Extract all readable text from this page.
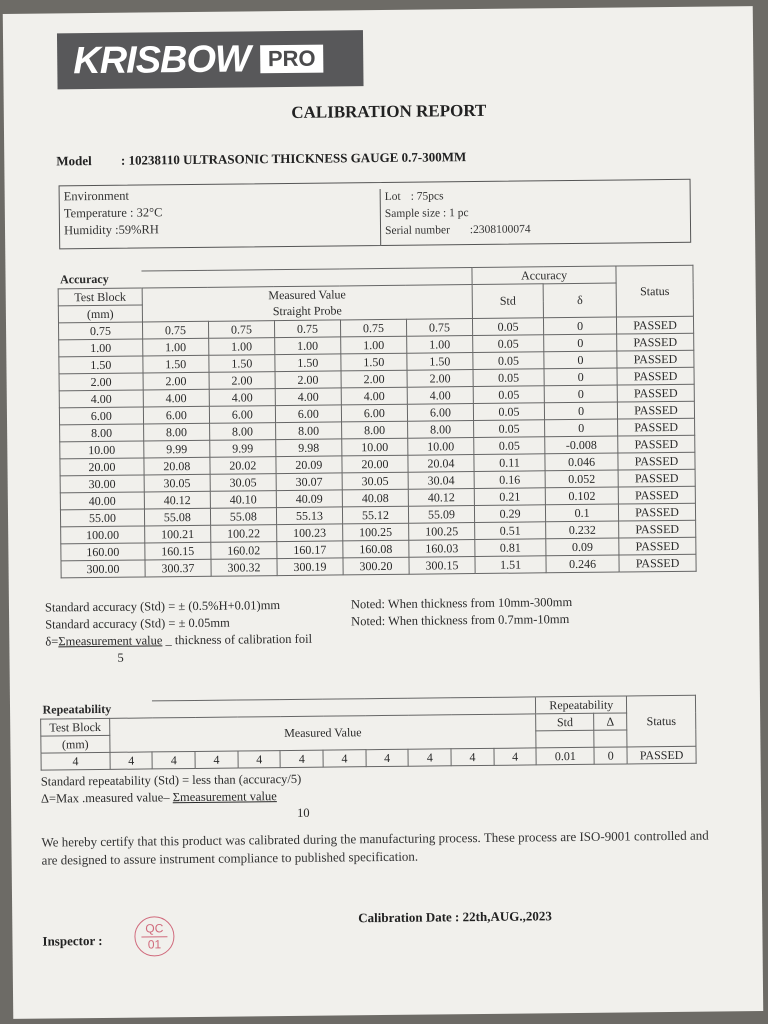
KRISBOW PRO
CALIBRATION REPORT
Model : 10238110 ULTRASONIC THICKNESS GAUGE 0.7-300MM
Environment
Temperature : 32°C
Humidity :59%RH
Lot : 75pcs
Sample size : 1 pc
Serial number :2308100074
Accuracy						Accuracy		Status
Test Block	Measured Value					Std	δ	
(mm)	Straight Probe							
0.75	0.75	0.75	0.75	0.75	0.75	0.05	0	PASSED
1.00	1.00	1.00	1.00	1.00	1.00	0.05	0	PASSED
1.50	1.50	1.50	1.50	1.50	1.50	0.05	0	PASSED
2.00	2.00	2.00	2.00	2.00	2.00	0.05	0	PASSED
4.00	4.00	4.00	4.00	4.00	4.00	0.05	0	PASSED
6.00	6.00	6.00	6.00	6.00	6.00	0.05	0	PASSED
8.00	8.00	8.00	8.00	8.00	8.00	0.05	0	PASSED
10.00	9.99	9.99	9.98	10.00	10.00	0.05	-0.008	PASSED
20.00	20.08	20.02	20.09	20.00	20.04	0.11	0.046	PASSED
30.00	30.05	30.05	30.07	30.05	30.04	0.16	0.052	PASSED
40.00	40.12	40.10	40.09	40.08	40.12	0.21	0.102	PASSED
55.00	55.08	55.08	55.13	55.12	55.09	0.29	0.1	PASSED
100.00	100.21	100.22	100.23	100.25	100.25	0.51	0.232	PASSED
160.00	160.15	160.02	160.17	160.08	160.03	0.81	0.09	PASSED
300.00	300.37	300.32	300.19	300.20	300.15	1.51	0.246	PASSED
Standard accuracy (Std) = ± (0.5%H+0.01)mm	Noted: When thickness from 10mm-300mm
Standard accuracy (Std) = ± 0.05mm	Noted: When thickness from 0.7mm-10mm
δ=Σmeasurement value _ thickness of calibration foil
5
Repeatability											Repeatability		Status
Test Block	Measured Value										Std	Δ	
(mm)													
4	4	4	4	4	4	4	4	4	4	4	0.01	0	PASSED
Standard repeatability (Std) = less than (accuracy/5)
Δ=Max .measured value– Σmeasurement value
10
We hereby certify that this product was calibrated during the manufacturing process. These process are ISO-9001 controlled and are designed to assure instrument compliance to published specification.
Calibration Date : 22th,AUG.,2023
Inspector :
QC
01
